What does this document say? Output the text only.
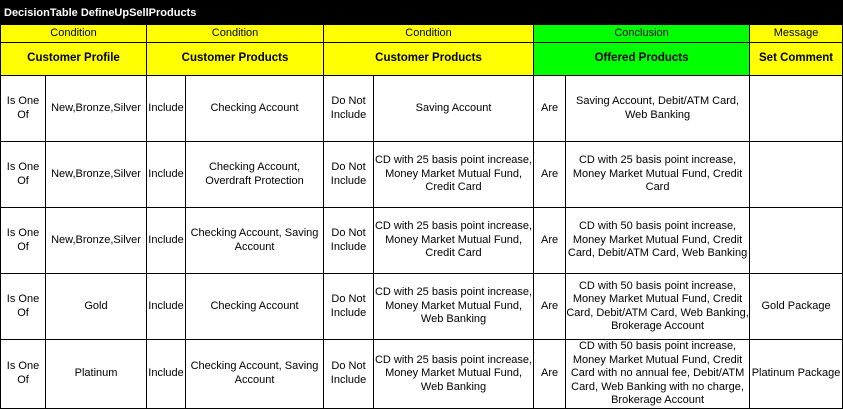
DecisionTable DefineUpSellProducts
Condition		Condition		Condition		Conclusion		Message
Customer Profile		Customer Products		Customer Products		Offered Products		Set Comment
Is One Of	New,Bronze,Silver	Include	Checking Account	Do Not Include	Saving Account	Are	Saving Account, Debit/ATM Card, Web Banking	
Is One Of	New,Bronze,Silver	Include	Checking Account, Overdraft Protection	Do Not Include	CD with 25 basis point increase, Money Market Mutual Fund, Credit Card	Are	CD with 25 basis point increase, Money Market Mutual Fund, Credit Card	
Is One Of	New,Bronze,Silver	Include	Checking Account, Saving Account	Do Not Include	CD with 25 basis point increase, Money Market Mutual Fund, Credit Card	Are	CD with 50 basis point increase, Money Market Mutual Fund, Credit Card, Debit/ATM Card, Web Banking	
Is One Of	Gold	Include	Checking Account	Do Not Include	CD with 25 basis point increase, Money Market Mutual Fund, Web Banking	Are	CD with 50 basis point increase, Money Market Mutual Fund, Credit Card, Debit/ATM Card, Web Banking, Brokerage Account	Gold Package
Is One Of	Platinum	Include	Checking Account, Saving Account	Do Not Include	CD with 25 basis point increase, Money Market Mutual Fund, Web Banking	Are	CD with 50 basis point increase, Money Market Mutual Fund, Credit Card with no annual fee, Debit/ATM Card, Web Banking with no charge, Brokerage Account	Platinum Package
